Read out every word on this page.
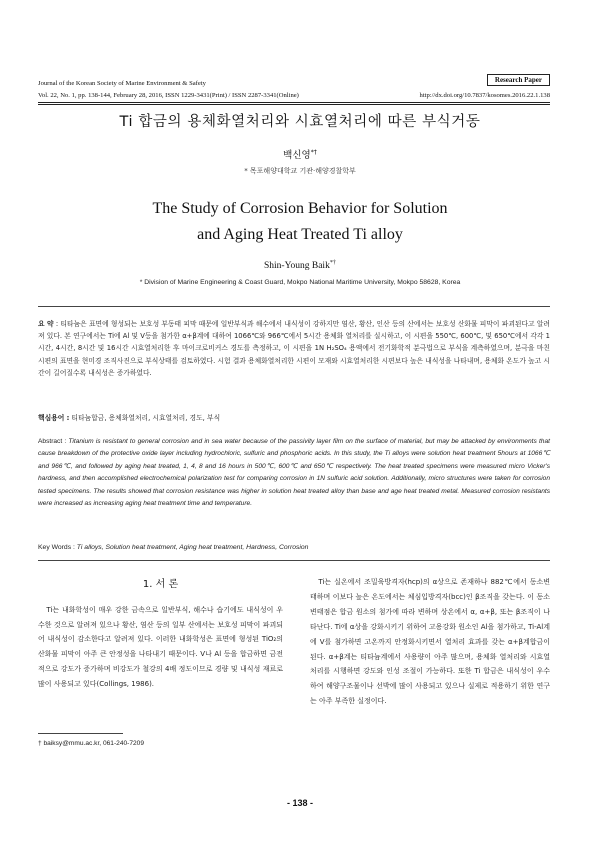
Journal of the Korean Society of Marine Environment & Safety	Research Paper
Vol. 22, No. 1, pp. 138-144, February 28, 2016, ISSN 1229-3431(Print) / ISSN 2287-3341(Online)	http://dx.doi.org/10.7837/kosomes.2016.22.1.138
Ti 합금의 용체화열처리와 시효열처리에 따른 부식거동
백신영*†
* 목포해양대학교 기관·해양경찰학부
The Study of Corrosion Behavior for Solution
and Aging Heat Treated Ti alloy
Shin-Young Baik*†
* Division of Marine Engineering & Coast Guard, Mokpo National Maritime University, Mokpo 58628, Korea
요 약 : 티타늄은 표면에 형성되는 보호성 부동태 피막 때문에 일반부식과 해수에서 내식성이 강하지만 염산, 황산, 인산 등의 산에서는 보호성 산화물 피막이 파괴된다고 알려져 있다. 본 연구에서는 Ti에 Al 및 V등을 첨가한 α+β계에 대하여 1066℃와 966℃에서 5시간 용체화 열처리를 실시하고, 이 시편을 550℃, 600℃, 및 650℃에서 각각 1시간, 4시간, 8시간 및 16시간 시효열처리한 후 마이크로비커스 경도를 측정하고, 이 시편을 1N H₂SO₄ 용액에서 전기화학적 분극법으로 부식을 계측하였으며, 분극을 마친 시편의 표면을 현미경 조직사진으로 부식상태를 검토하였다. 시험 결과 용체화열처리한 시편이 모재와 시효열처리한 시편보다 높은 내식성을 나타내며, 용체화 온도가 높고 시간이 길어질수록 내식성은 증가하였다.
핵심용어 : 티타늄합금, 용체화열처리, 시효열처리, 경도, 부식
Abstract : Titanium is resistant to general corrosion and in sea water because of the passivity layer film on the surface of material, but may be attacked by environments that cause breakdown of the protective oxide layer including hydrochloric, sulfuric and phosphoric acids. In this study, the Ti alloys were solution heat treatment 5hours at 1066℃ and 966℃, and followed by aging heat treated, 1, 4, 8 and 16 hours in 500℃, 600℃ and 650℃ respectively. The heat treated specimens were measured micro Vicker's hardness, and then accomplished electrochemical polarization test for comparing corrosion in 1N sulfuric acid solution. Additionally, micro structures were taken for corrosion tested specimens. The results showed that corrosion resistance was higher in solution heat treated alloy than base and age heat treated metal. Measured corrosion resistants were increased as increasing aging heat treatment time and temperature.
Key Words : Ti alloys, Solution heat treatment, Aging heat treatment, Hardness, Corrosion
1. 서 론
Ti는 내화학성이 매우 강한 금속으로 일반부식, 해수나 습기에도 내식성이 우수한 것으로 알려져 있으나 황산, 염산 등의 일부 산에서는 보호성 피막이 파괴되어 내식성이 감소한다고 알려져 있다. 이러한 내화학성은 표면에 형성된 TiO₂의 산화물 피막이 아주 큰 안정성을 나타내기 때문이다. V나 Al 등을 합금하면 금전적으로 강도가 증가하며 비강도가 철강의 4배 정도이므로 경량 및 내식성 재료로 많이 사용되고 있다(Collings, 1986).
Ti는 실온에서 조밀육방격자(hcp)의 α상으로 존재하나 882℃에서 동소변태하며 이보다 높은 온도에서는 체심입방격자(bcc)인 β조직을 갖는다. 이 동소변태점은 합금 원소의 첨가에 따라 변하며 상온에서 α, α+β, 또는 β조직이 나타난다. Ti에 α상을 강화시키기 위하여 고용강화 원소인 Al을 첨가하고, Ti-Al계에 V를 첨가하면 고온까지 안정화시키면서 열처리 효과를 갖는 α+β계합금이 된다. α+β계는 티타늄계에서 사용량이 아주 많으며, 용체화 열처리와 시효열처리를 시행하면 강도와 인성 조절이 가능하다. 또한 Ti 합금은 내식성이 우수하여 해양구조물이나 선박에 많이 사용되고 있으나 실제로 적용하기 위한 연구는 아주 부족한 실정이다.
† baiksy@mmu.ac.kr, 061-240-7209
- 138 -
